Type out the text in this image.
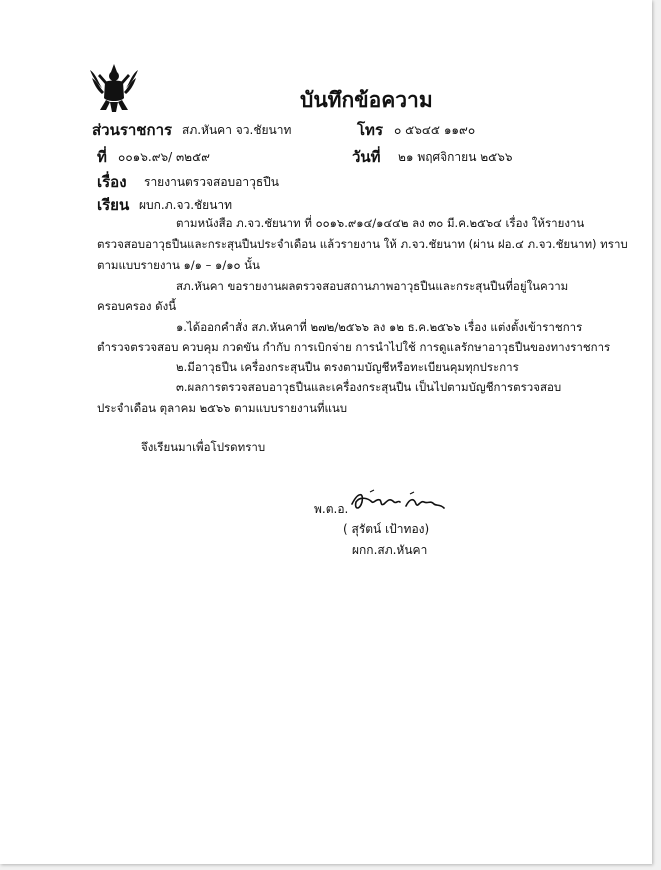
บันทึกข้อความ
ส่วนราชการ สภ.หันคา จว.ชัยนาท	โทร ๐ ๕๖๔๕ ๑๑๙๐
ที่ ๐๐๑๖.๙๖/ ๓๒๕๙	วันที่ ๒๑ พฤศจิกายน ๒๕๖๖
เรื่อง รายงานตรวจสอบอาวุธปืน
เรียน ผบก.ภ.จว.ชัยนาท
ตามหนังสือ ภ.จว.ชัยนาท ที่ ๐๐๑๖.๙๑๔/๑๔๔๒ ลง ๓๐ มี.ค.๒๕๖๔ เรื่อง ให้รายงาน
ตรวจสอบอาวุธปืนและกระสุนปืนประจำเดือน แล้วรายงาน ให้ ภ.จว.ชัยนาท (ผ่าน ฝอ.๔ ภ.จว.ชัยนาท) ทราบ
ตามแบบรายงาน ๑/๑ – ๑/๑๐ นั้น
สภ.หันคา ขอรายงานผลตรวจสอบสถานภาพอาวุธปืนและกระสุนปืนที่อยู่ในความ
ครอบครอง ดังนี้
๑.ได้ออกคำสั่ง สภ.หันคาที่ ๒๗๒/๒๕๖๖ ลง ๑๒ ธ.ค.๒๕๖๖ เรื่อง แต่งตั้งเข้าราชการ
ตำรวจตรวจสอบ ควบคุม กวดขัน กำกับ การเบิกจ่าย การนำไปใช้ การดูแลรักษาอาวุธปืนของทางราชการ
๒.มีอาวุธปืน เครื่องกระสุนปืน ตรงตามบัญชีหรือทะเบียนคุมทุกประการ
๓.ผลการตรวจสอบอาวุธปืนและเครื่องกระสุนปืน เป็นไปตามบัญชีการตรวจสอบ
ประจำเดือน ตุลาคม ๒๕๖๖ ตามแบบรายงานที่แนบ
จึงเรียนมาเพื่อโปรดทราบ
พ.ต.อ.
( สุรัตน์ เป้าทอง)
ผกก.สภ.หันคา
